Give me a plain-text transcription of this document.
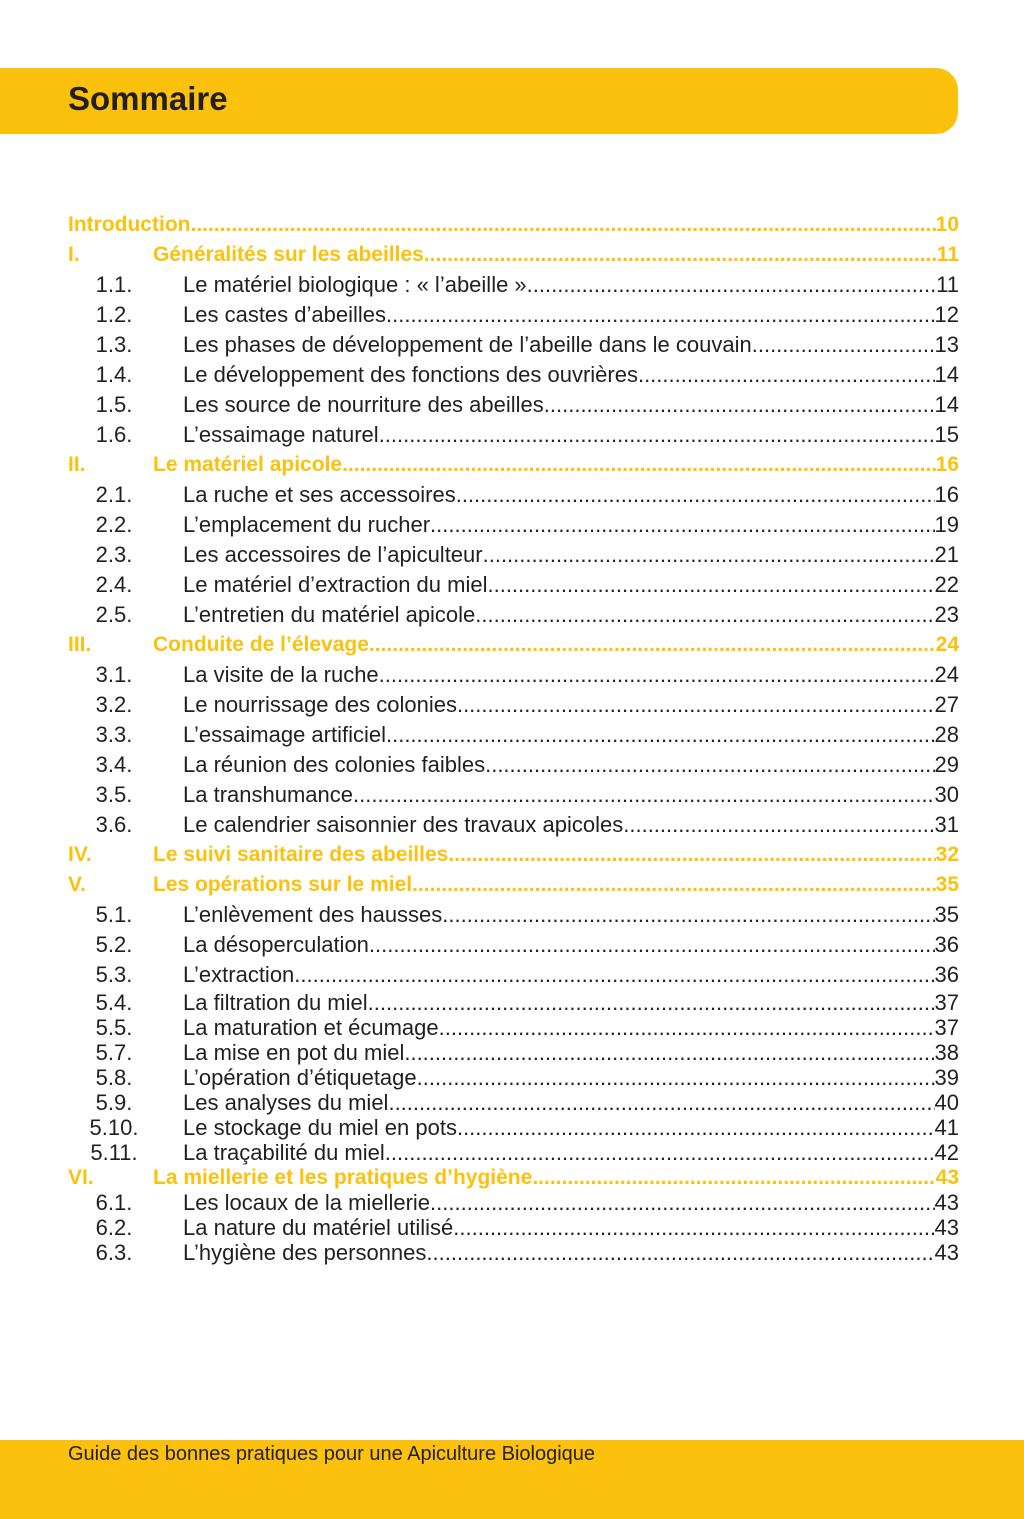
Sommaire
Introduction .....	10
I.	Généralités sur les abeilles .....	11
1.1.	Le matériel biologique : « l’abeille » .....	11
1.2.	Les castes d’abeilles .....	12
1.3.	Les phases de développement de l’abeille dans le couvain .....	13
1.4.	Le développement des fonctions des ouvrières .....	14
1.5.	Les source de nourriture des abeilles .....	14
1.6.	L’essaimage naturel .....	15
II.	Le matériel apicole .....	16
2.1.	La ruche et ses accessoires .....	16
2.2.	L’emplacement du rucher .....	19
2.3.	Les accessoires de l’apiculteur .....	21
2.4.	Le matériel d’extraction du miel .....	22
2.5.	L’entretien du matériel apicole .....	23
III.	Conduite de l’élevage .....	24
3.1.	La visite de la ruche .....	24
3.2.	Le nourrissage des colonies .....	27
3.3.	L’essaimage artificiel .....	28
3.4.	La réunion des colonies faibles .....	29
3.5.	La transhumance .....	30
3.6.	Le calendrier saisonnier des travaux apicoles .....	31
IV.	Le suivi sanitaire des abeilles .....	32
V.	Les opérations sur le miel .....	35
5.1.	L’enlèvement des hausses .....	35
5.2.	La désoperculation .....	36
5.3.	L’extraction .....	36
5.4.	La filtration du miel .....	37
5.5.	La maturation et écumage .....	37
5.7.	La mise en pot du miel .....	38
5.8.	L’opération d’étiquetage .....	39
5.9.	Les analyses du miel .....	40
5.10. Le stockage du miel en pots .....	41
5.11. La traçabilité du miel .....	42
VI.	La miellerie et les pratiques d’hygiène .....	43
6.1.	Les locaux de la miellerie .....	43
6.2.	La nature du matériel utilisé .....	43
6.3.	L’hygiène des personnes .....	43
Guide des bonnes pratiques pour une Apiculture Biologique
